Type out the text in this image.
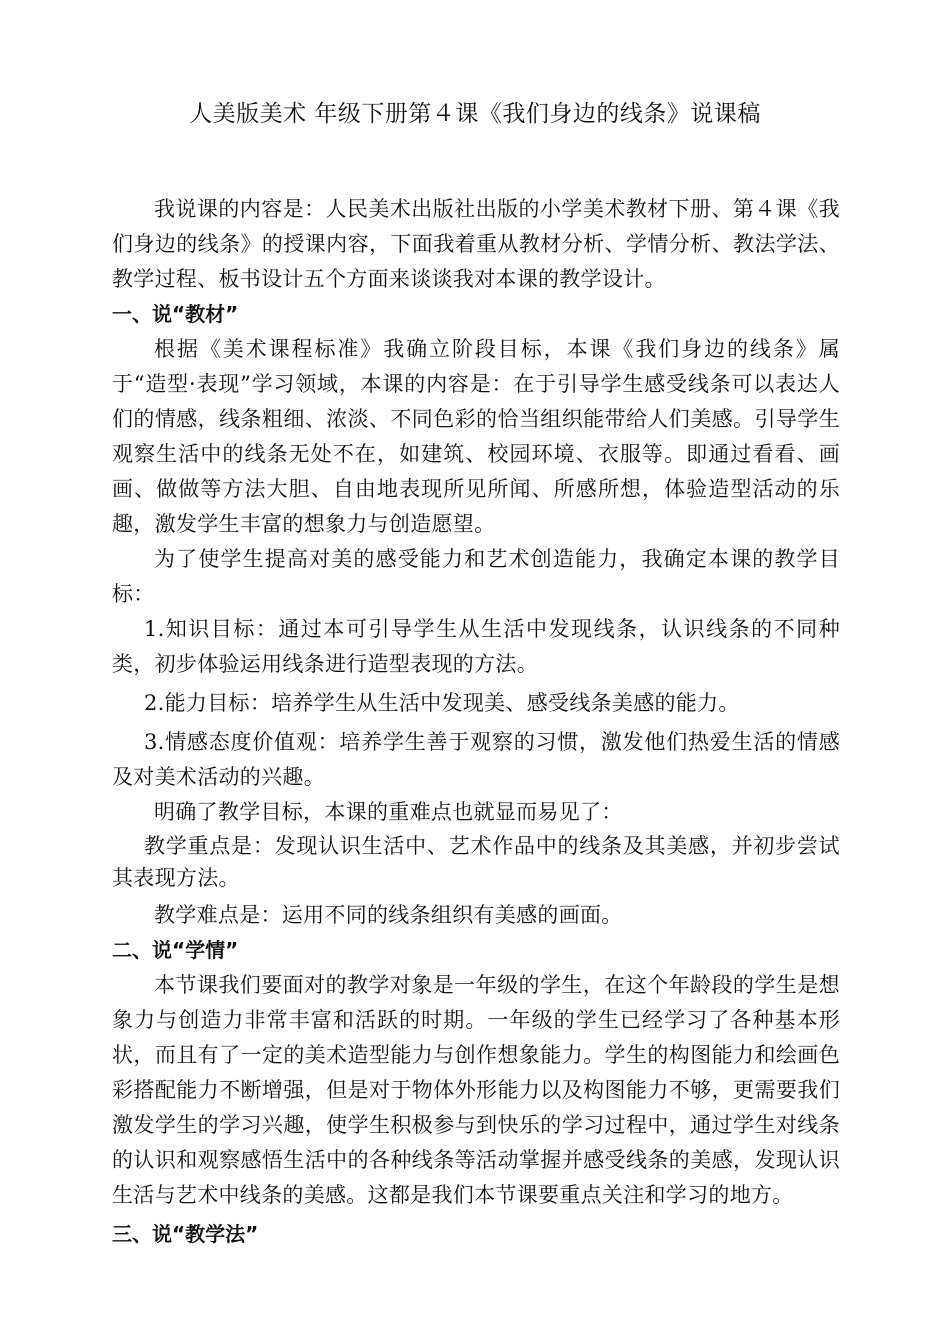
人美版美术 年级下册第４课《我们身边的线条》说课稿

我说课的内容是：人民美术出版社出版的小学美术教材下册、第４课《我们身边的线条》的授课内容，下面我着重从教材分析、学情分析、教法学法、教学过程、板书设计五个方面来谈谈我对本课的教学设计。

一、说“教材”

根据《美术课程标准》我确立阶段目标，本课《我们身边的线条》属于“造型·表现”学习领域，本课的内容是：在于引导学生感受线条可以表达人们的情感，线条粗细、浓淡、不同色彩的恰当组织能带给人们美感。引导学生观察生活中的线条无处不在，如建筑、校园环境、衣服等。即通过看看、画画、做做等方法大胆、自由地表现所见所闻、所感所想，体验造型活动的乐趣，激发学生丰富的想象力与创造愿望。

为了使学生提高对美的感受能力和艺术创造能力，我确定本课的教学目标：

1.知识目标：通过本可引导学生从生活中发现线条，认识线条的不同种类，初步体验运用线条进行造型表现的方法。

2.能力目标：培养学生从生活中发现美、感受线条美感的能力。

3.情感态度价值观：培养学生善于观察的习惯，激发他们热爱生活的情感及对美术活动的兴趣。

明确了教学目标，本课的重难点也就显而易见了：

教学重点是：发现认识生活中、艺术作品中的线条及其美感，并初步尝试其表现方法。

教学难点是：运用不同的线条组织有美感的画面。

二、说“学情”

本节课我们要面对的教学对象是一年级的学生，在这个年龄段的学生是想象力与创造力非常丰富和活跃的时期。一年级的学生已经学习了各种基本形状，而且有了一定的美术造型能力与创作想象能力。学生的构图能力和绘画色彩搭配能力不断增强，但是对于物体外形能力以及构图能力不够，更需要我们激发学生的学习兴趣，使学生积极参与到快乐的学习过程中，通过学生对线条的认识和观察感悟生活中的各种线条等活动掌握并感受线条的美感，发现认识生活与艺术中线条的美感。这都是我们本节课要重点关注和学习的地方。

三、说“教学法”
